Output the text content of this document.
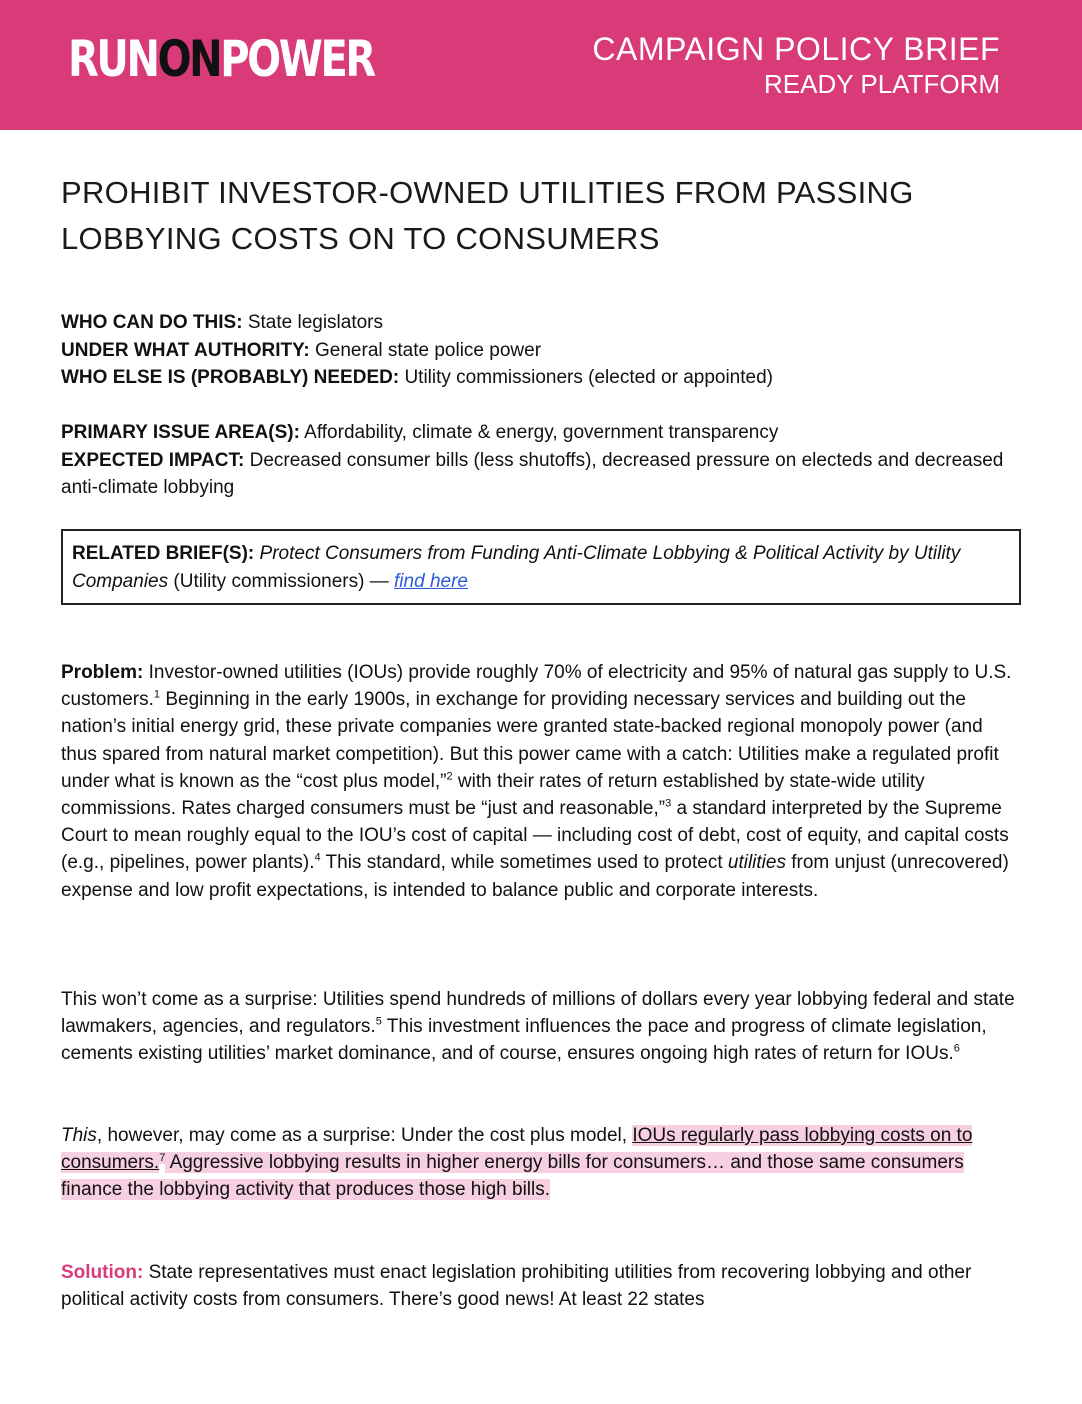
RUNONPOWER	CAMPAIGN POLICY BRIEF
READY PLATFORM
PROHIBIT INVESTOR-OWNED UTILITIES FROM PASSING LOBBYING COSTS ON TO CONSUMERS
WHO CAN DO THIS: State legislators
UNDER WHAT AUTHORITY: General state police power
WHO ELSE IS (PROBABLY) NEEDED: Utility commissioners (elected or appointed)
PRIMARY ISSUE AREA(S): Affordability, climate & energy, government transparency
EXPECTED IMPACT: Decreased consumer bills (less shutoffs), decreased pressure on electeds and decreased anti-climate lobbying
RELATED BRIEF(S): Protect Consumers from Funding Anti-Climate Lobbying & Political Activity by Utility Companies (Utility commissioners) — find here
Problem: Investor-owned utilities (IOUs) provide roughly 70% of electricity and 95% of natural gas supply to U.S. customers.$^1$ Beginning in the early 1900s, in exchange for providing necessary services and building out the nation’s initial energy grid, these private companies were granted state-backed regional monopoly power (and thus spared from natural market competition). But this power came with a catch: Utilities make a regulated profit under what is known as the “cost plus model,”$^2$ with their rates of return established by state-wide utility commissions. Rates charged consumers must be “just and reasonable,”$^3$ a standard interpreted by the Supreme Court to mean roughly equal to the IOU’s cost of capital — including cost of debt, cost of equity, and capital costs (e.g., pipelines, power plants).$^4$ This standard, while sometimes used to protect utilities from unjust (unrecovered) expense and low profit expectations, is intended to balance public and corporate interests.
This won’t come as a surprise: Utilities spend hundreds of millions of dollars every year lobbying federal and state lawmakers, agencies, and regulators.$^5$ This investment influences the pace and progress of climate legislation, cements existing utilities’ market dominance, and of course, ensures ongoing high rates of return for IOUs.$^6$
This, however, may come as a surprise: Under the cost plus model, IOUs regularly pass lobbying costs on to consumers.$^7$ Aggressive lobbying results in higher energy bills for consumers… and those same consumers finance the lobbying activity that produces those high bills.
Solution: State representatives must enact legislation prohibiting utilities from recovering lobbying and other political activity costs from consumers. There’s good news! At least 22 states
